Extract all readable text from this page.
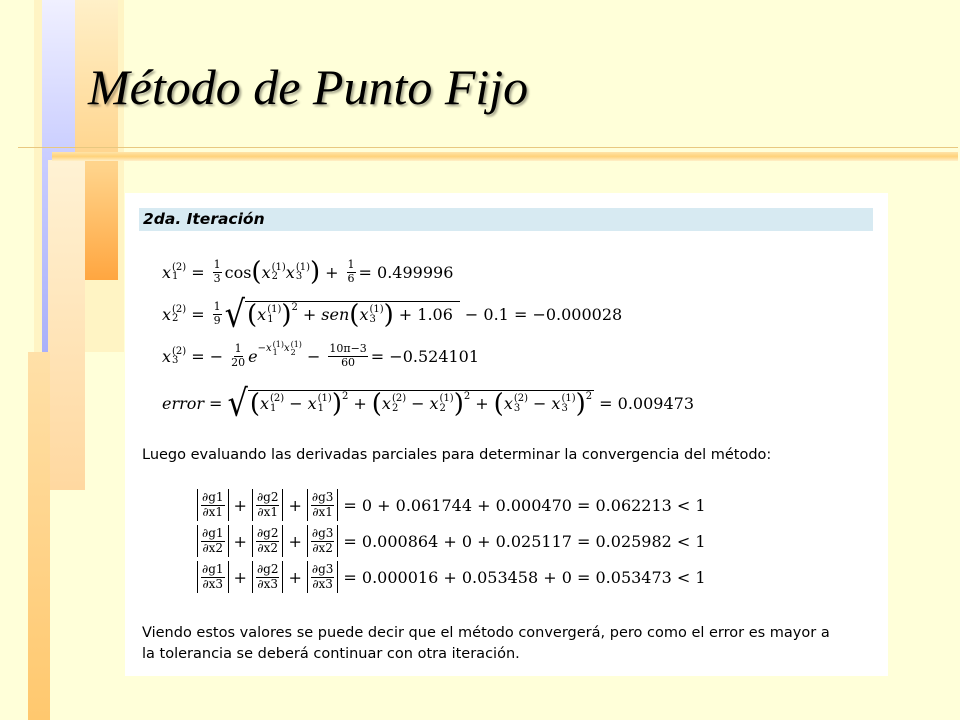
Método de Punto Fijo
2da. Iteración
x (2)
$1 = \frac{1}{3}$ cos ( x (1)
2 x (1)
3 ) + $\frac{1}{6} = 0.499996$
x (2)
$2 = \frac{1}{9}$ √ ( x (1)
1 )$^2$ + sen ( x (1)
3 ) + 1.06 − 0.1 = −0.000028
x (2)
3 = − $\frac{1}{20}$ e −x (1)
1 x (1)
$2 - \frac{10\pi-3}{60} = -0.524101$
error = √ ( x (2)
1 − x (1)
1 )$^2$ + ( x (2)
2 − x (1)
2 )$^2$ + ( x (2)
3 − x (1)
3 )$^2$ = 0.009473
Luego evaluando las derivadas parciales para determinar la convergencia del método:
∂g1
∂x1 + ∂g2
∂x1 + ∂g3
∂x1 = 0 + 0.061744 + 0.000470 = 0.062213 < 1
∂g1
∂x2 + ∂g2
∂x2 + ∂g3
∂x2 = 0.000864 + 0 + 0.025117 = 0.025982 < 1
∂g1
∂x3 + ∂g2
∂x3 + ∂g3
∂x3 = 0.000016 + 0.053458 + 0 = 0.053473 < 1
Viendo estos valores se puede decir que el método convergerá, pero como el error es mayor a la tolerancia se deberá continuar con otra iteración.
